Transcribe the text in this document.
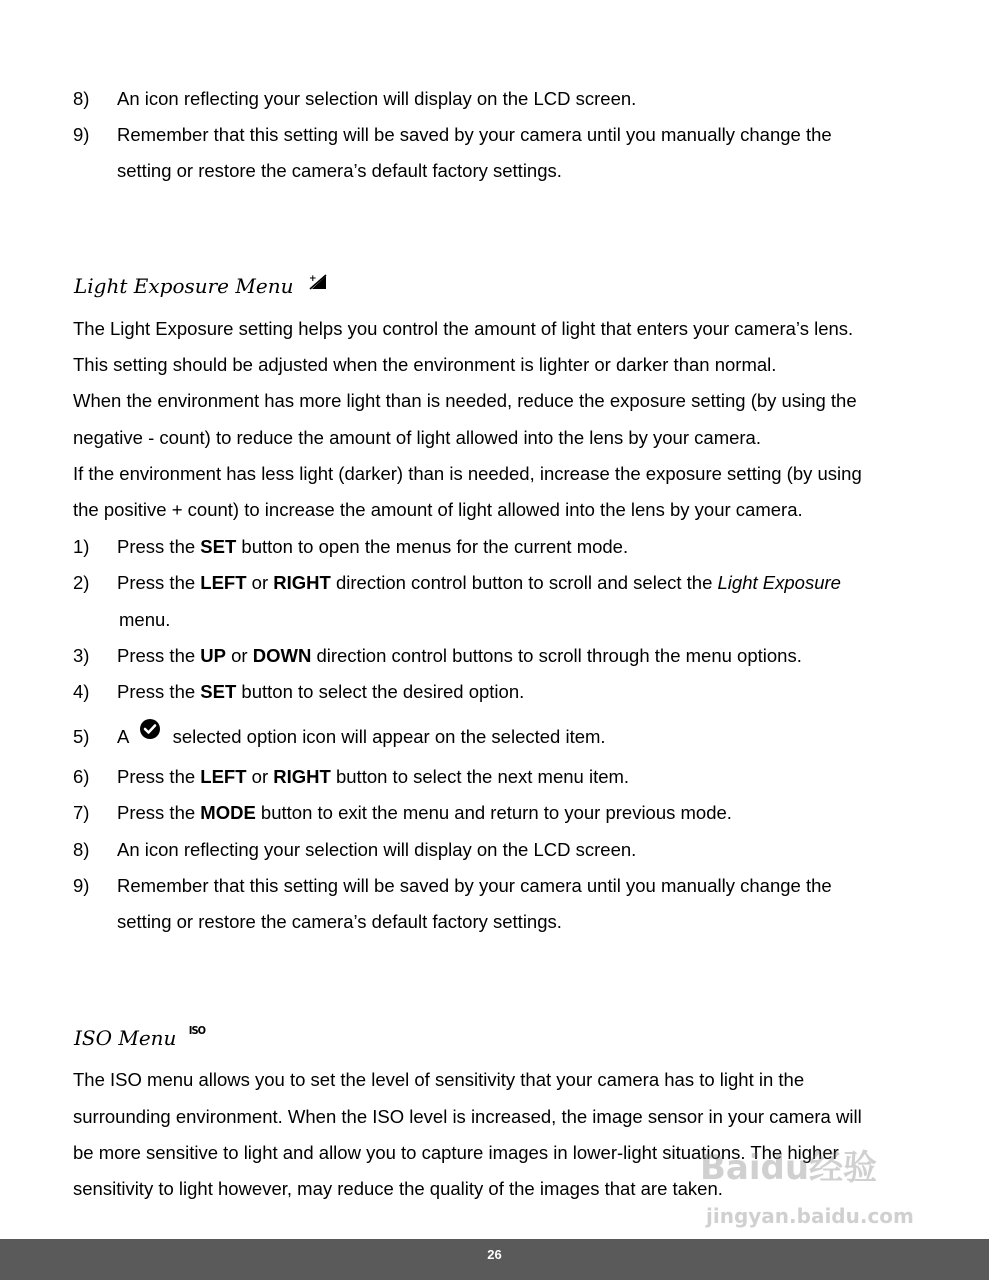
8) An icon reflecting your selection will display on the LCD screen.
9) Remember that this setting will be saved by your camera until you manually change the
setting or restore the camera’s default factory settings.
Light Exposure Menu +
The Light Exposure setting helps you control the amount of light that enters your camera’s lens.
This setting should be adjusted when the environment is lighter or darker than normal.
When the environment has more light than is needed, reduce the exposure setting (by using the
negative - count) to reduce the amount of light allowed into the lens by your camera.
If the environment has less light (darker) than is needed, increase the exposure setting (by using
the positive + count) to increase the amount of light allowed into the lens by your camera.
1) Press the SET button to open the menus for the current mode.
2) Press the LEFT or RIGHT direction control button to scroll and select the Light Exposure
menu.
3) Press the UP or DOWN direction control buttons to scroll through the menu options.
4) Press the SET button to select the desired option.
5) A  selected option icon will appear on the selected item.
6) Press the LEFT or RIGHT button to select the next menu item.
7) Press the MODE button to exit the menu and return to your previous mode.
8) An icon reflecting your selection will display on the LCD screen.
9) Remember that this setting will be saved by your camera until you manually change the
setting or restore the camera’s default factory settings.
ISO Menu $^{ISO}$
The ISO menu allows you to set the level of sensitivity that your camera has to light in the
surrounding environment. When the ISO level is increased, the image sensor in your camera will
be more sensitive to light and allow you to capture images in lower-light situations. The higher
sensitivity to light however, may reduce the quality of the images that are taken.
Baidu经验
jingyan.baidu.com
26
